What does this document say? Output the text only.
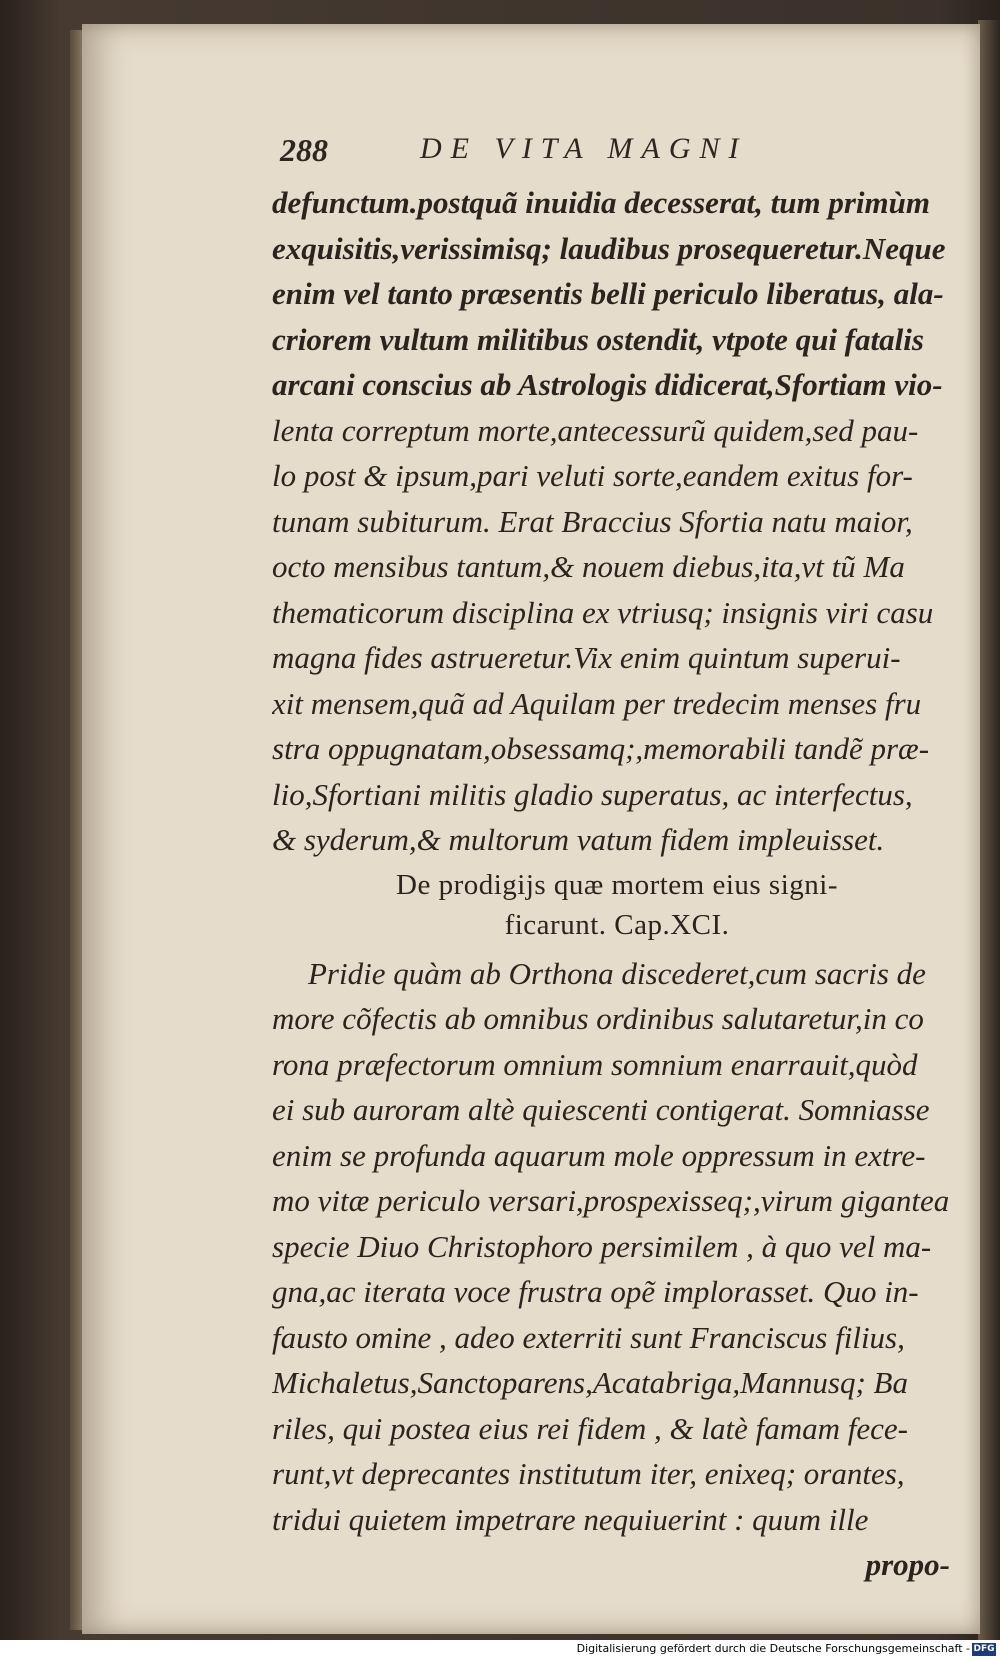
288	DE VITA MAGNI
defunctum.postquã inuidia decesserat, tum primùm
exquisitis,verissimisq; laudibus prosequeretur.Neque
enim vel tanto præsentis belli periculo liberatus, ala-
criorem vultum militibus ostendit, vtpote qui fatalis
arcani conscius ab Astrologis didicerat,Sfortiam vio-
lenta correptum morte,antecessurũ quidem,sed pau-
lo post & ipsum,pari veluti sorte,eandem exitus for-
tunam subiturum. Erat Braccius Sfortia natu maior,
octo mensibus tantum,& nouem diebus,ita,vt tũ Ma
thematicorum disciplina ex vtriusq; insignis viri casu
magna fides astrueretur.Vix enim quintum superui-
xit mensem,quã ad Aquilam per tredecim menses fru
stra oppugnatam,obsessamq;,memorabili tandẽ præ-
lio,Sfortiani militis gladio superatus, ac interfectus,
& syderum,& multorum vatum fidem impleuisset.
De prodigijs quæ mortem eius signi-
ficarunt. Cap.XCI.
Pridie quàm ab Orthona discederet,cum sacris de
more cõfectis ab omnibus ordinibus salutaretur,in co
rona præfectorum omnium somnium enarrauit,quòd
ei sub auroram altè quiescenti contigerat. Somniasse
enim se profunda aquarum mole oppressum in extre-
mo vitæ periculo versari,prospexisseq;,virum gigantea
specie Diuo Christophoro persimilem , à quo vel ma-
gna,ac iterata voce frustra opẽ implorasset. Quo in-
fausto omine , adeo exterriti sunt Franciscus filius,
Michaletus,Sanctoparens,Acatabriga,Mannusq; Ba
riles, qui postea eius rei fidem , & latè famam fece-
runt,vt deprecantes institutum iter, enixeq; orantes,
tridui quietem impetrare nequiuerint : quum ille
propo-
Digitalisierung gefördert durch die Deutsche Forschungsgemeinschaft - DFG
